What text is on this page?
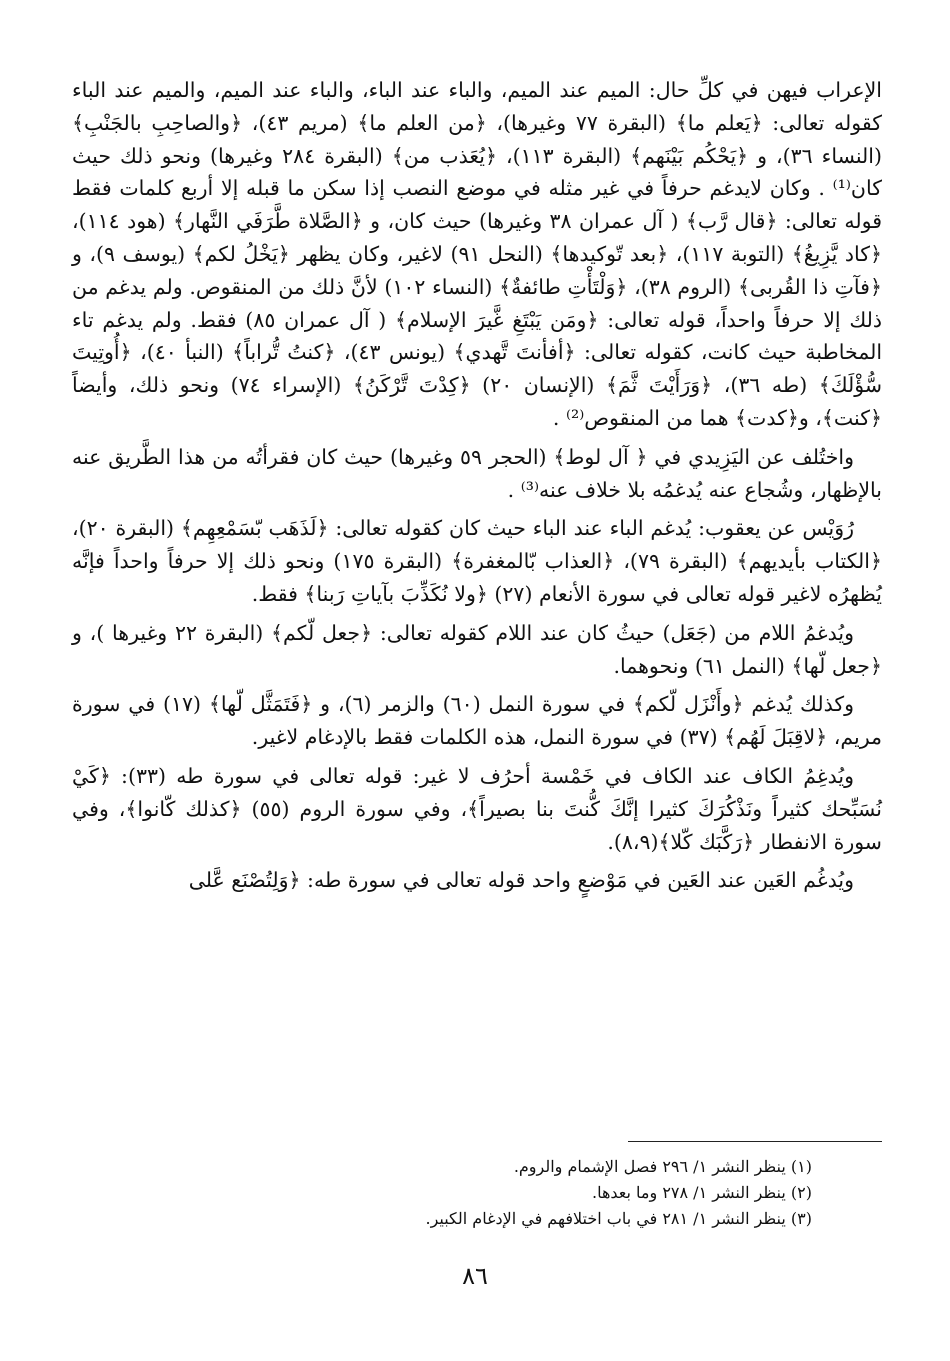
الإعراب فيهن في كلِّ حال: الميم عند الميم، والباء عند الباء، والباء عند الميم، والميم عند الباء كقوله تعالى: ﴿يَعلم ما﴾ (البقرة ٧٧ وغيرها)، ﴿من العلم ما﴾ (مريم ٤٣)، ﴿والصاحِبِ بالجَنْبِ﴾ (النساء ٣٦)، و ﴿يَحْكُم بَيْنَهم﴾ (البقرة ١١٣)، ﴿يُعَذب من﴾ (البقرة ٢٨٤ وغيرها) ونحو ذلك حيث كان⁽¹⁾ . وكان لايدغم حرفاً في غير مثله في موضع النصب إذا سكن ما قبله إلا أربع كلمات فقط قوله تعالى: ﴿قال رَّب﴾ ( آل عمران ٣٨ وغيرها) حيث كان، و ﴿الصَّلاة طَّرَفَي النَّهار﴾ (هود ١١٤)، ﴿كاد يَّزِيغُ﴾ (التوبة ١١٧)، ﴿بعد تّوكيدها﴾ (النحل ٩١) لاغير، وكان يظهر ﴿يَخْلُ لكم﴾ (يوسف ٩)، و ﴿فآتِ ذا القُربى﴾ (الروم ٣٨)، ﴿وَلْتَأْتِ طائفةٌ﴾ (النساء ١٠٢) لأنَّ ذلك من المنقوص. ولم يدغم من ذلك إلا حرفاً واحداً، قوله تعالى: ﴿ومَن يَبْتَغِ غَّيرَ الإسلام﴾ ( آل عمران ٨٥) فقط. ولم يدغم تاء المخاطبة حيث كانت، كقوله تعالى: ﴿أفأنتَ تَّهدي﴾ (يونس ٤٣)، ﴿كنتُ تُّراباً﴾ (النبأ ٤٠)، ﴿أُوتِيتَ سُّؤْلَكَ﴾ (طه ٣٦)، ﴿وَرَأَيْتَ ثَّمَ﴾ (الإنسان ٢٠) ﴿كِدْتَ تَّرْكَنُ﴾ (الإسراء ٧٤) ونحو ذلك، وأيضاً ﴿كنت﴾، و﴿كدت﴾ هما من المنقوص⁽²⁾ .

واختُلف عن اليَزِيدي في ﴿ آل لوط﴾ (الحجر ٥٩ وغيرها) حيث كان فقرأتُه من هذا الطَّريق عنه بالإظهار، وشُجاع عنه يُدغمُه بلا خلاف عنه⁽³⁾ .

رُوَيْس عن يعقوب: يُدغم الباء عند الباء حيث كان كقوله تعالى: ﴿لَذَهَب بّسَمْعِهِم﴾ (البقرة ٢٠)، ﴿الكتاب بأيديهم﴾ (البقرة ٧٩)، ﴿العذاب بّالمغفرة﴾ (البقرة ١٧٥) ونحو ذلك إلا حرفاً واحداً فإنَّه يُظهرُه لاغير قوله تعالى في سورة الأنعام (٢٧) ﴿ولا نُكَذِّبَ بآياتِ رَبنا﴾ فقط.

ويُدغمُ اللام من (جَعَل) حيثُ كان عند اللام كقوله تعالى: ﴿جعل لّكم﴾ (البقرة ٢٢ وغيرها )، و ﴿جعل لّها﴾ (النمل ٦١) ونحوهما.

وكذلك يُدغم ﴿وأَنْزَل لّكم﴾ في سورة النمل (٦٠) والزمر (٦)، و ﴿فَتَمَثَّل لّها﴾ (١٧) في سورة مريم، ﴿لاقِبَلَ لَهُم﴾ (٣٧) في سورة النمل، هذه الكلمات فقط بالإدغام لاغير.

ويُدغِمُ الكاف عند الكاف في خَمْسة أحرُف لا غير: قوله تعالى في سورة طه (٣٣): ﴿كَيْ نُسَبِّحك كثيراً ونَذْكُرَكَ كثيرا إنَّكَ كُّنتَ بنا بصيراً﴾، وفي سورة الروم (٥٥) ﴿كذلك كّانوا﴾، وفي سورة الانفطار ﴿رَكَّبَك كّلا﴾(٨،٩).

ويُدغُم العَين عند العَين في مَوْضعٍ واحد قوله تعالى في سورة طه: ﴿وَلِتُصْنَع عَّلى

(١) ينظر النشر ١/ ٢٩٦ فصل الإشمام والروم.

(٢) ينظر النشر ١/ ٢٧٨ وما بعدها.

(٣) ينظر النشر ١/ ٢٨١ في باب اختلافهم في الإدغام الكبير.

٨٦
